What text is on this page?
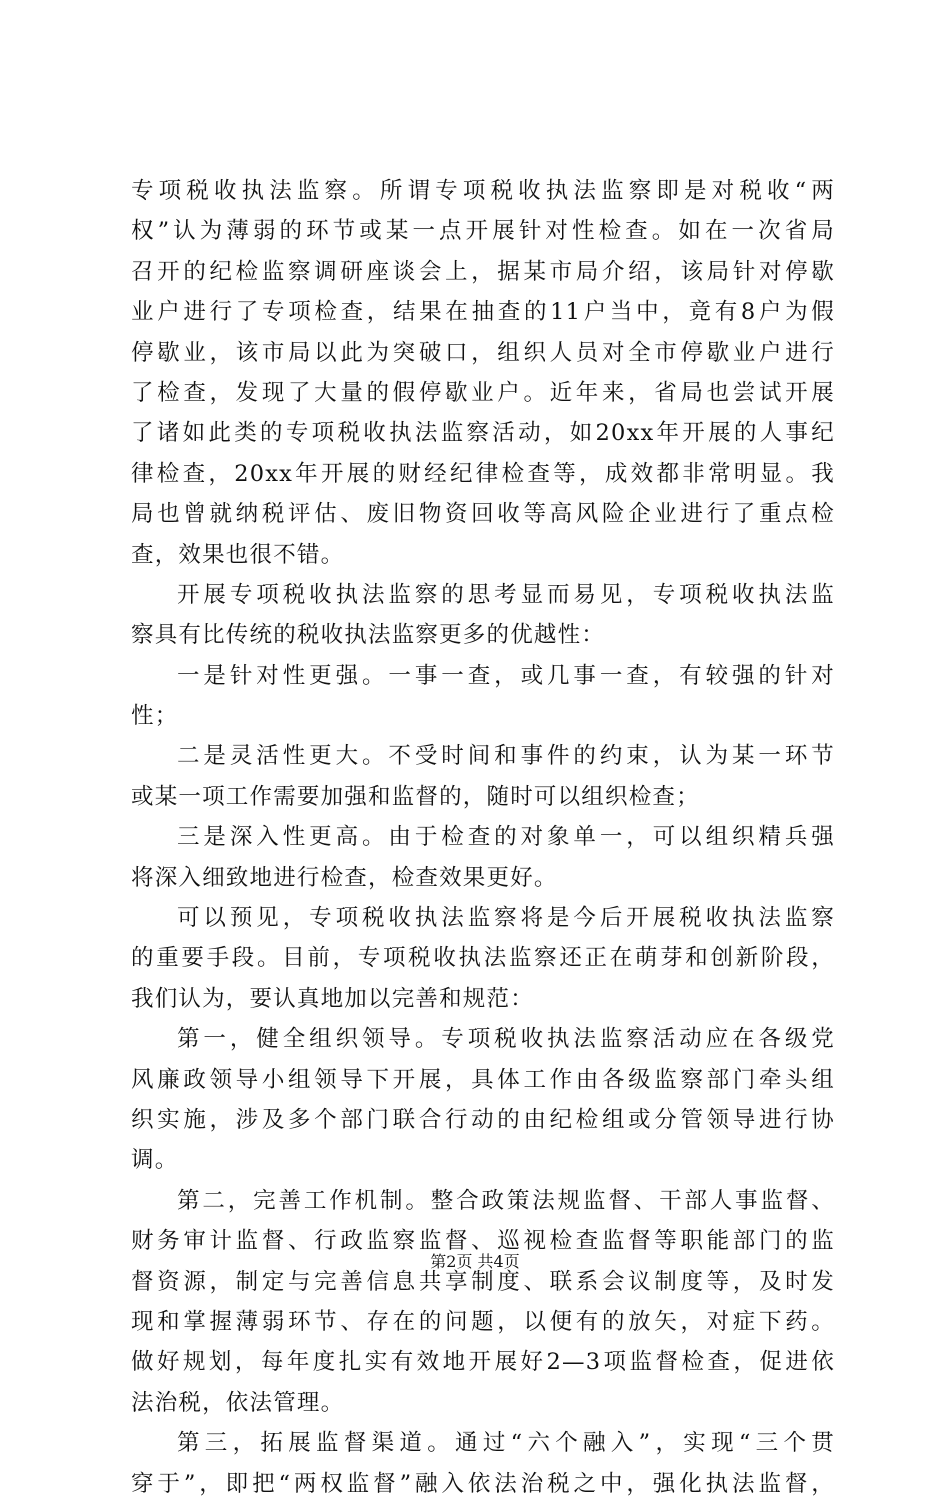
专项税收执法监察。所谓专项税收执法监察即是对税收“两
权”认为薄弱的环节或某一点开展针对性检查。如在一次省局
召开的纪检监察调研座谈会上，据某市局介绍，该局针对停歇
业户进行了专项检查，结果在抽查的11户当中，竟有8户为假
停歇业，该市局以此为突破口，组织人员对全市停歇业户进行
了检查，发现了大量的假停歇业户。近年来，省局也尝试开展
了诸如此类的专项税收执法监察活动，如20xx年开展的人事纪
律检查，20xx年开展的财经纪律检查等，成效都非常明显。我
局也曾就纳税评估、废旧物资回收等高风险企业进行了重点检
查，效果也很不错。
开展专项税收执法监察的思考显而易见，专项税收执法监
察具有比传统的税收执法监察更多的优越性：
一是针对性更强。一事一查，或几事一查，有较强的针对
性；
二是灵活性更大。不受时间和事件的约束，认为某一环节
或某一项工作需要加强和监督的，随时可以组织检查；
三是深入性更高。由于检查的对象单一，可以组织精兵强
将深入细致地进行检查，检查效果更好。
可以预见，专项税收执法监察将是今后开展税收执法监察
的重要手段。目前，专项税收执法监察还正在萌芽和创新阶段，
我们认为，要认真地加以完善和规范：
第一，健全组织领导。专项税收执法监察活动应在各级党
风廉政领导小组领导下开展，具体工作由各级监察部门牵头组
织实施，涉及多个部门联合行动的由纪检组或分管领导进行协
调。
第二，完善工作机制。整合政策法规监督、干部人事监督、
财务审计监督、行政监察监督、巡视检查监督等职能部门的监
督资源，制定与完善信息共享制度、联系会议制度等，及时发
现和掌握薄弱环节、存在的问题，以便有的放矢，对症下药。
做好规划，每年度扎实有效地开展好2—3项监督检查，促进依
法治税，依法管理。
第三，拓展监督渠道。通过“六个融入”，实现“三个贯
穿于”，即把“两权监督”融入依法治税之中，强化执法监督，
第2页 共4页
